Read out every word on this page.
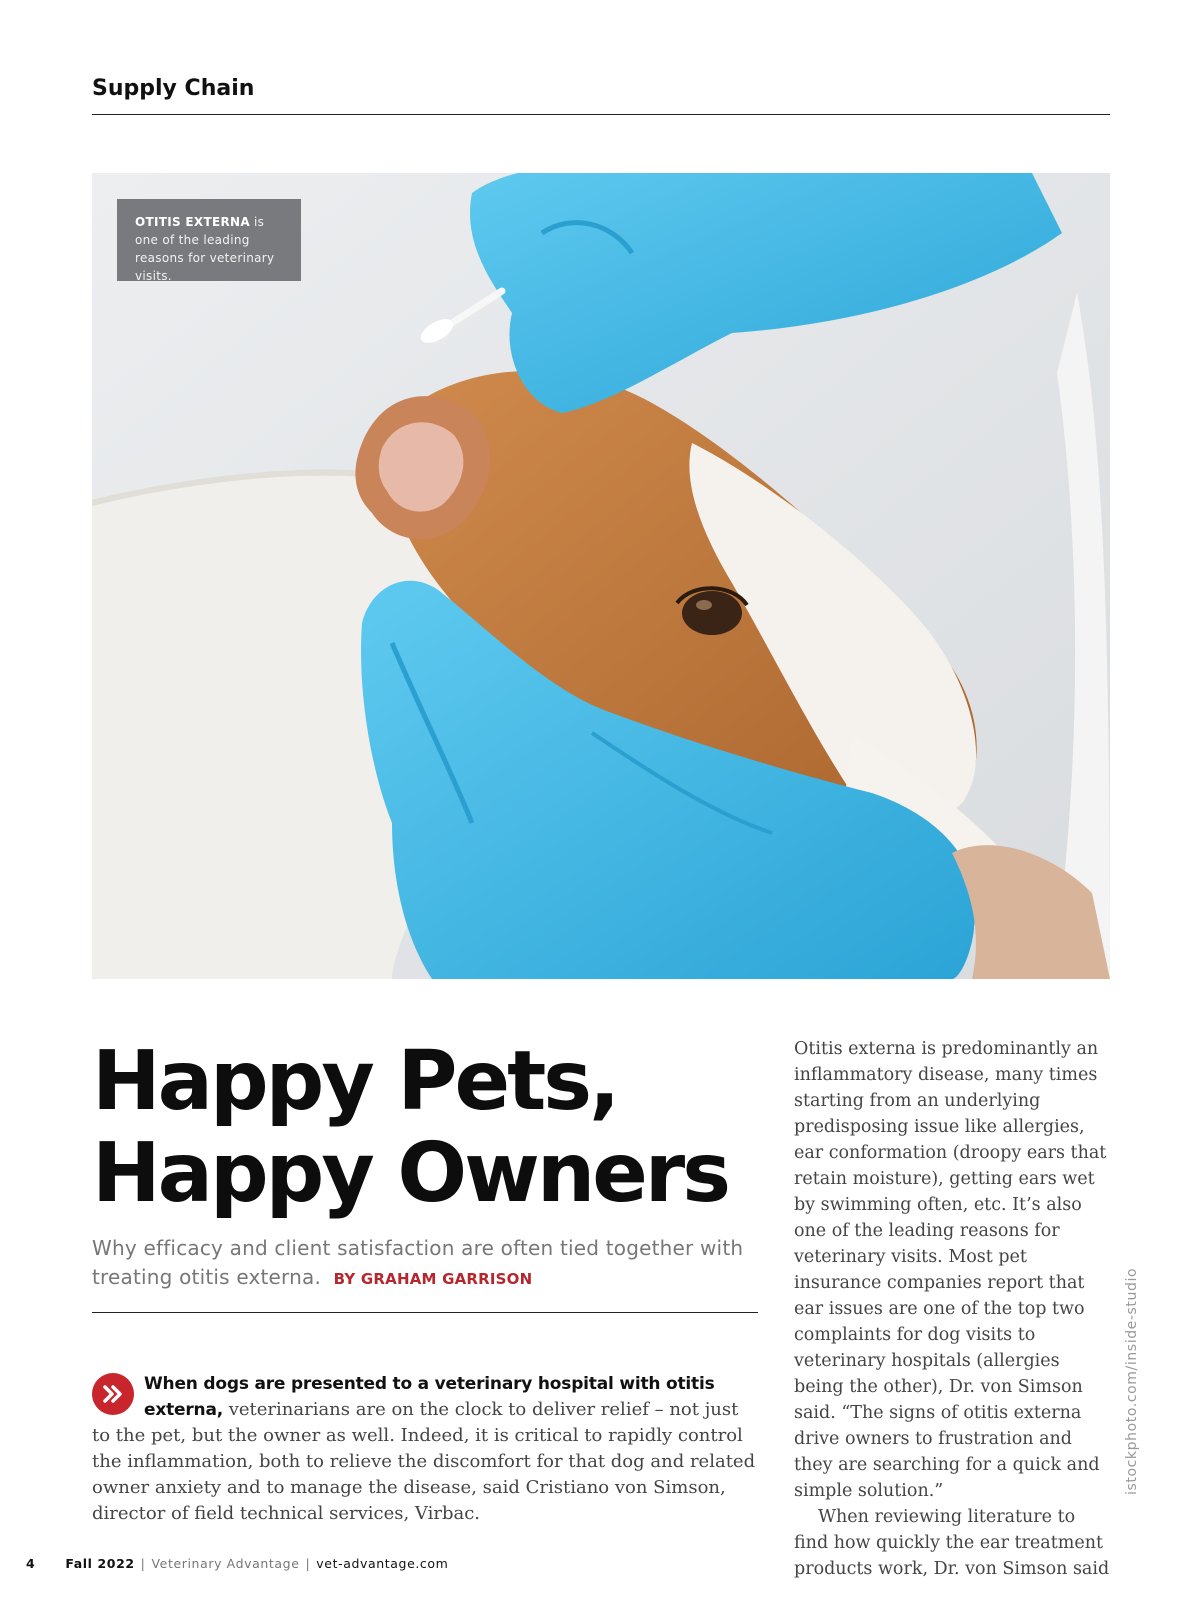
Supply Chain
OTITIS EXTERNA is one of the leading reasons for veterinary visits.
Happy Pets,
Happy Owners
Why efficacy and client satisfaction are often tied together with treating otitis externa. BY GRAHAM GARRISON
When dogs are presented to a veterinary hospital with otitis externa, veterinarians are on the clock to deliver relief – not just to the pet, but the owner as well. Indeed, it is critical to rapidly control the inflammation, both to relieve the discomfort for that dog and related owner anxiety and to manage the disease, said Cristiano von Simson, director of field technical services, Virbac.

Otitis externa is predominantly an inflammatory disease, many times starting from an underlying predisposing issue like allergies, ear conformation (droopy ears that retain moisture), getting ears wet by swimming often, etc. It’s also one of the leading reasons for veterinary visits. Most pet insurance companies report that ear issues are one of the top two complaints for dog visits to veterinary hospitals (allergies being the other), Dr. von Simson said. “The signs of otitis externa drive owners to frustration and they are searching for a quick and simple solution.”

When reviewing literature to find how quickly the ear treatment products work, Dr. von Simson said

istockphoto.com/inside-studio
4 Fall 2022 | Veterinary Advantage | vet-advantage.com
